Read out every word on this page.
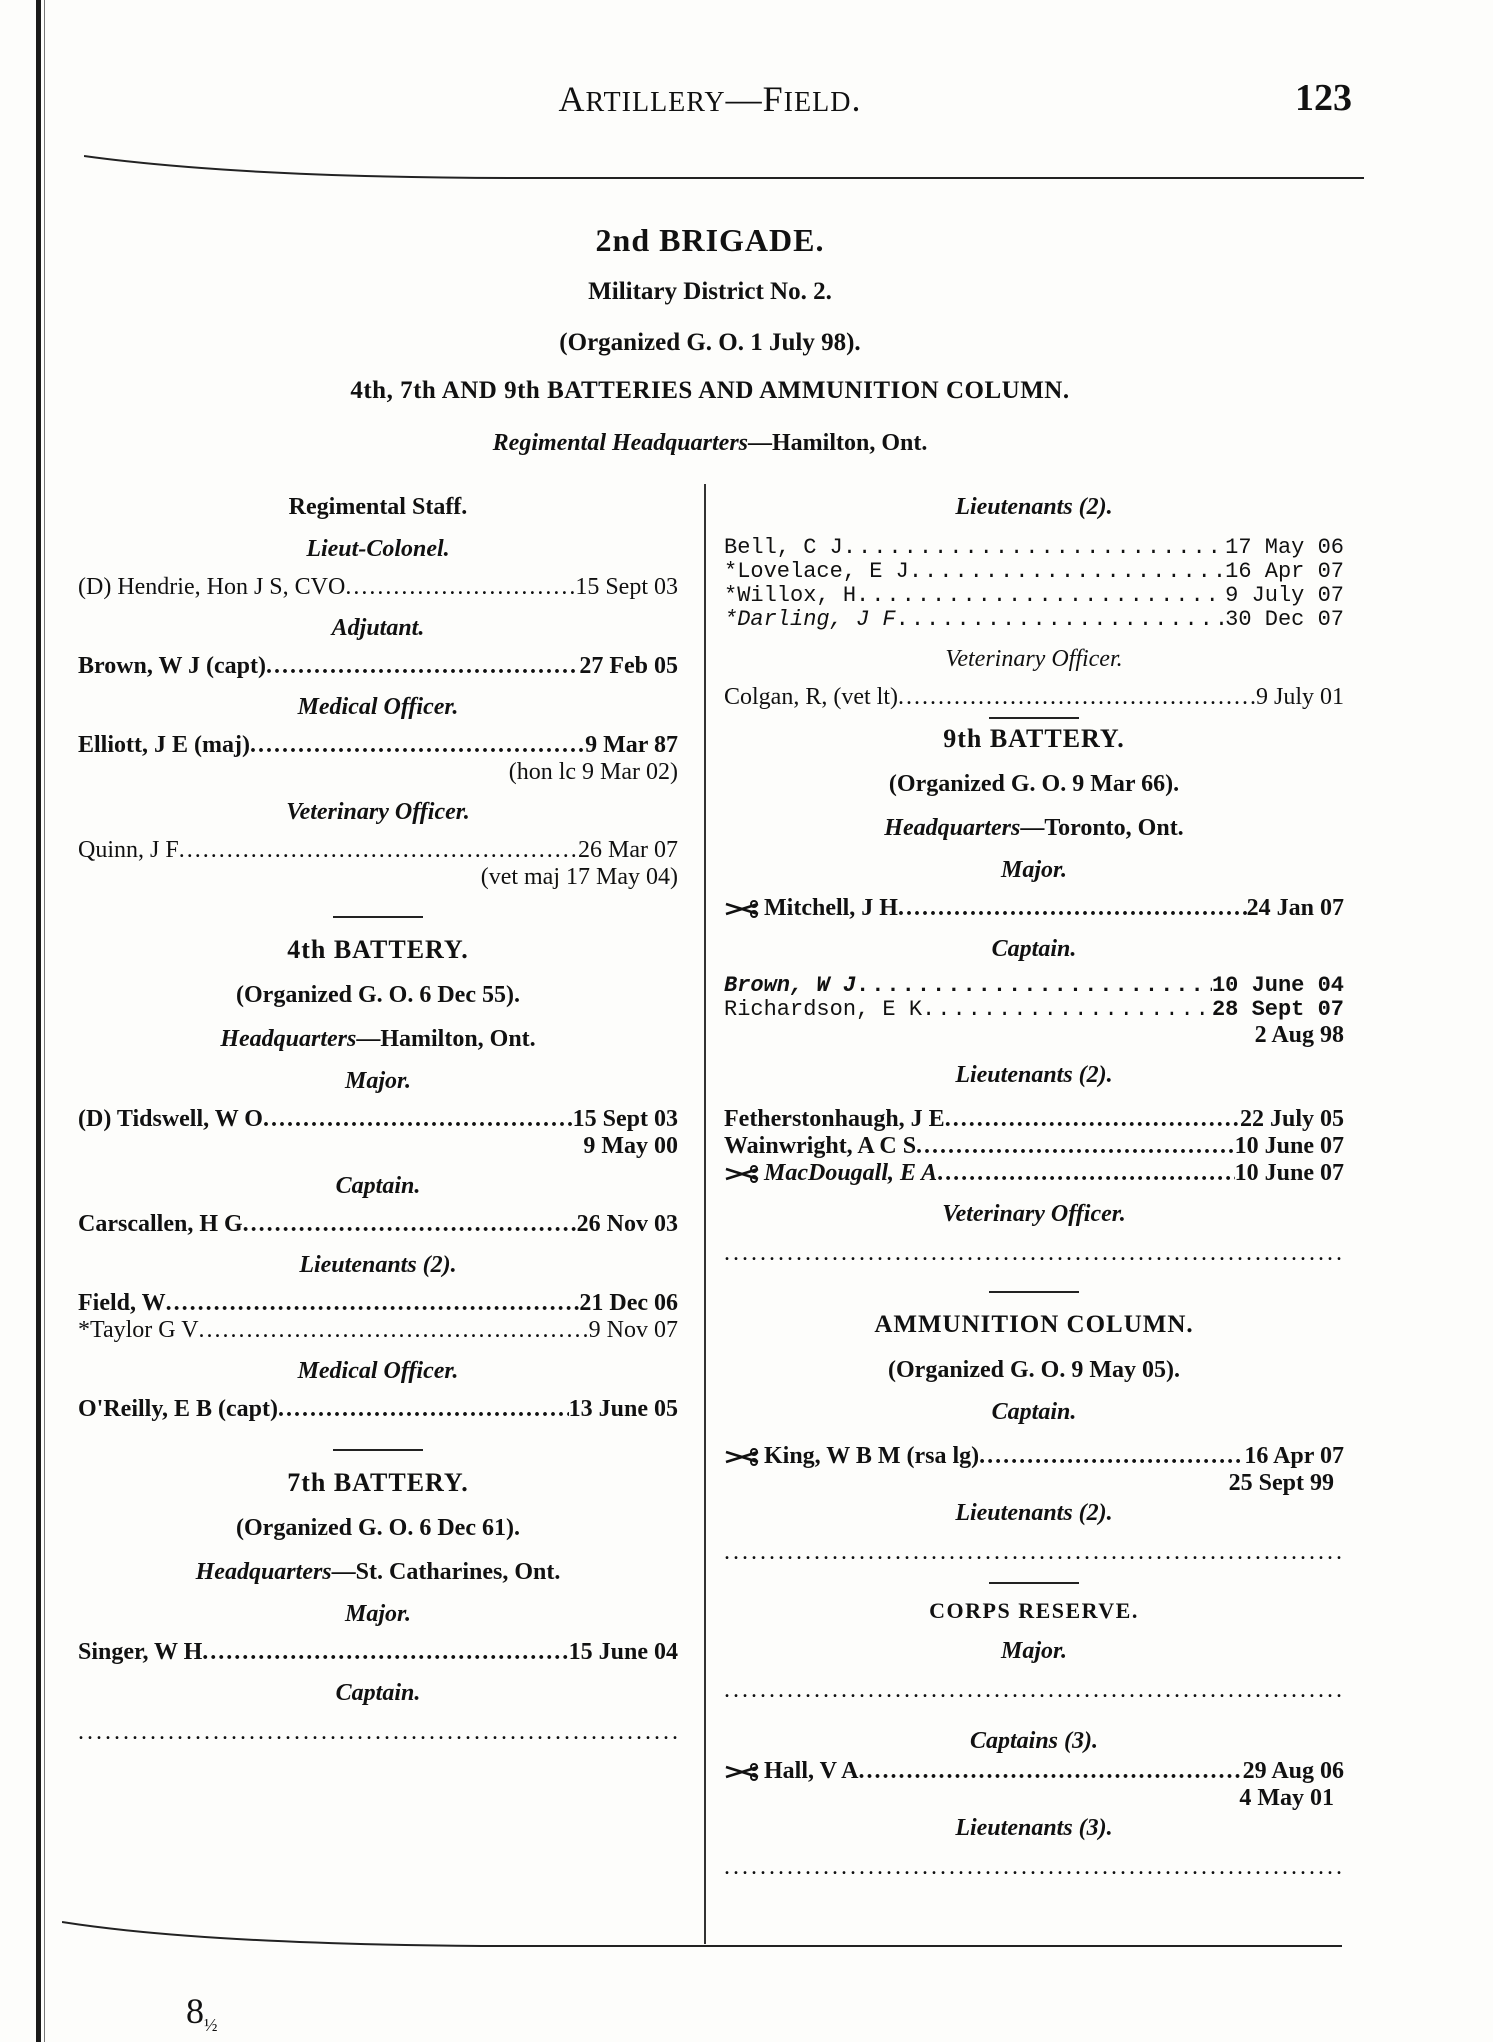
ARTILLERY—FIELD.	123
2nd BRIGADE.
Military District No. 2.
(Organized G. O. 1 July 98).
4th, 7th AND 9th BATTERIES AND AMMUNITION COLUMN.
Regimental Headquarters—Hamilton, Ont.
Regimental Staff.
Lieut-Colonel.
(D) Hendrie, Hon J S, CVO .....	15 Sept 03
Adjutant.
Brown, W J (capt) .....	27 Feb 05
Medical Officer.
Elliott, J E (maj) .....	9 Mar 87
(hon lc 9 Mar 02)
Veterinary Officer.
Quinn, J F .....	26 Mar 07
(vet maj 17 May 04)
4th BATTERY.
(Organized G. O. 6 Dec 55).
Headquarters—Hamilton, Ont.
Major.
(D) Tidswell, W O .....	15 Sept 03
9 May 00
Captain.
Carscallen, H G .....	26 Nov 03
Lieutenants (2).
Field, W .....	21 Dec 06
*Taylor G V .....	9 Nov 07
Medical Officer.
O'Reilly, E B (capt) .....	13 June 05
7th BATTERY.
(Organized G. O. 6 Dec 61).
Headquarters—St. Catharines, Ont.
Major.
Singer, W H .....	15 June 04
Captain.
.....
Lieutenants (2).
Bell, C J .....	17 May 06
*Lovelace, E J .....	16 Apr 07
*Willox, H .....	9 July 07
*Darling, J F .....	30 Dec 07
Veterinary Officer.
Colgan, R, (vet lt) .....	9 July 01
9th BATTERY.
(Organized G. O. 9 Mar 66).
Headquarters—Toronto, Ont.
Major.
Mitchell, J H .....	24 Jan 07
Captain.
Brown, W J .....	10 June 04
Richardson, E K .....	28 Sept 07
2 Aug 98
Lieutenants (2).
Fetherstonhaugh, J E .....	22 July 05
Wainwright, A C S .....	10 June 07
MacDougall, E A .....	10 June 07
Veterinary Officer.
.....
AMMUNITION COLUMN.
(Organized G. O. 9 May 05).
Captain.
King, W B M (rsa lg) .....	16 Apr 07
25 Sept 99
Lieutenants (2).
.....
CORPS RESERVE.
Major.
.....
Captains (3).
Hall, V A .....	29 Aug 06
4 May 01
Lieutenants (3).
.....
$8_{\frac{1}{2}}$
